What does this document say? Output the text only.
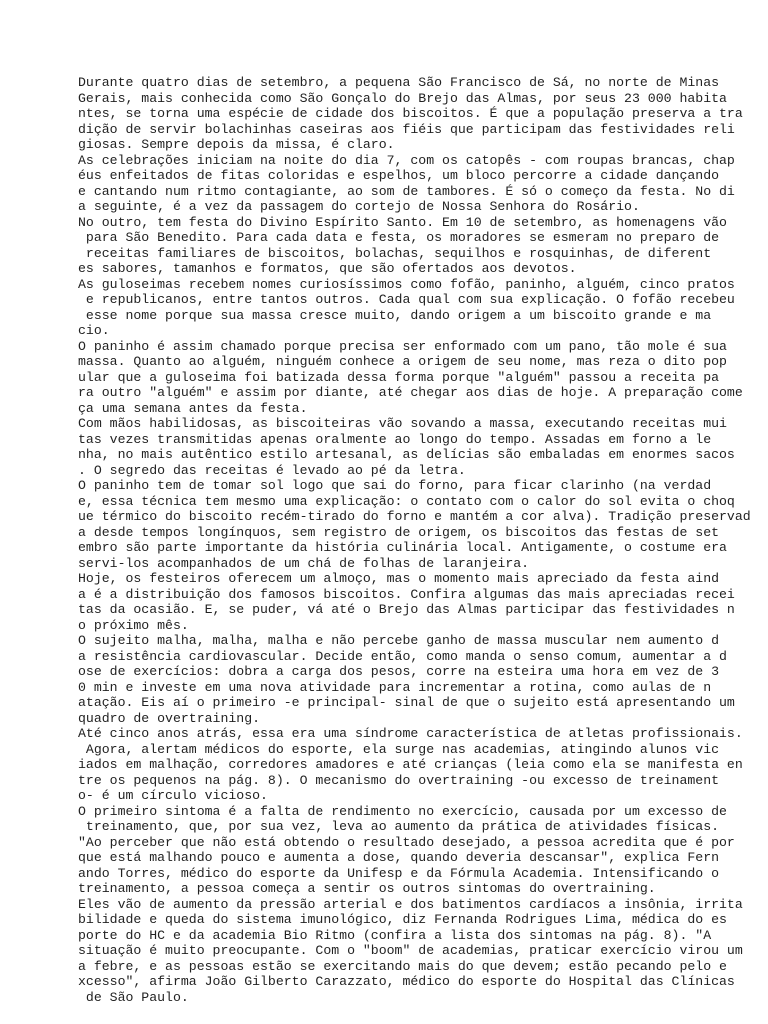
Durante quatro dias de setembro, a pequena São Francisco de Sá, no norte de Minas
Gerais, mais conhecida como São Gonçalo do Brejo das Almas, por seus 23 000 habita
ntes, se torna uma espécie de cidade dos biscoitos. É que a população preserva a tra
dição de servir bolachinhas caseiras aos fiéis que participam das festividades reli
giosas. Sempre depois da missa, é claro.
As celebrações iniciam na noite do dia 7, com os catopês - com roupas brancas, chap
éus enfeitados de fitas coloridas e espelhos, um bloco percorre a cidade dançando
e cantando num ritmo contagiante, ao som de tambores. É só o começo da festa. No di
a seguinte, é a vez da passagem do cortejo de Nossa Senhora do Rosário.
No outro, tem festa do Divino Espírito Santo. Em 10 de setembro, as homenagens vão
para São Benedito. Para cada data e festa, os moradores se esmeram no preparo de
receitas familiares de biscoitos, bolachas, sequilhos e rosquinhas, de diferent
es sabores, tamanhos e formatos, que são ofertados aos devotos.
As guloseimas recebem nomes curiosíssimos como fofão, paninho, alguém, cinco pratos
e republicanos, entre tantos outros. Cada qual com sua explicação. O fofão recebeu
esse nome porque sua massa cresce muito, dando origem a um biscoito grande e ma
cio.
O paninho é assim chamado porque precisa ser enformado com um pano, tão mole é sua
massa. Quanto ao alguém, ninguém conhece a origem de seu nome, mas reza o dito pop
ular que a guloseima foi batizada dessa forma porque "alguém" passou a receita pa
ra outro "alguém" e assim por diante, até chegar aos dias de hoje. A preparação come
ça uma semana antes da festa.
Com mãos habilidosas, as biscoiteiras vão sovando a massa, executando receitas mui
tas vezes transmitidas apenas oralmente ao longo do tempo. Assadas em forno a le
nha, no mais autêntico estilo artesanal, as delícias são embaladas em enormes sacos
. O segredo das receitas é levado ao pé da letra.
O paninho tem de tomar sol logo que sai do forno, para ficar clarinho (na verdad
e, essa técnica tem mesmo uma explicação: o contato com o calor do sol evita o choq
ue térmico do biscoito recém-tirado do forno e mantém a cor alva). Tradição preservad
a desde tempos longínquos, sem registro de origem, os biscoitos das festas de set
embro são parte importante da história culinária local. Antigamente, o costume era
servi-los acompanhados de um chá de folhas de laranjeira.
Hoje, os festeiros oferecem um almoço, mas o momento mais apreciado da festa aind
a é a distribuição dos famosos biscoitos. Confira algumas das mais apreciadas recei
tas da ocasião. E, se puder, vá até o Brejo das Almas participar das festividades n
o próximo mês.
O sujeito malha, malha, malha e não percebe ganho de massa muscular nem aumento d
a resistência cardiovascular. Decide então, como manda o senso comum, aumentar a d
ose de exercícios: dobra a carga dos pesos, corre na esteira uma hora em vez de 3
0 min e investe em uma nova atividade para incrementar a rotina, como aulas de n
atação. Eis aí o primeiro -e principal- sinal de que o sujeito está apresentando um
quadro de overtraining.
Até cinco anos atrás, essa era uma síndrome característica de atletas profissionais.
Agora, alertam médicos do esporte, ela surge nas academias, atingindo alunos vic
iados em malhação, corredores amadores e até crianças (leia como ela se manifesta en
tre os pequenos na pág. 8). O mecanismo do overtraining -ou excesso de treinament
o- é um círculo vicioso.
O primeiro sintoma é a falta de rendimento no exercício, causada por um excesso de
treinamento, que, por sua vez, leva ao aumento da prática de atividades físicas.
"Ao perceber que não está obtendo o resultado desejado, a pessoa acredita que é por
que está malhando pouco e aumenta a dose, quando deveria descansar", explica Fern
ando Torres, médico do esporte da Unifesp e da Fórmula Academia. Intensificando o
treinamento, a pessoa começa a sentir os outros sintomas do overtraining.
Eles vão de aumento da pressão arterial e dos batimentos cardíacos a insônia, irrita
bilidade e queda do sistema imunológico, diz Fernanda Rodrigues Lima, médica do es
porte do HC e da academia Bio Ritmo (confira a lista dos sintomas na pág. 8). "A
situação é muito preocupante. Com o "boom" de academias, praticar exercício virou um
a febre, e as pessoas estão se exercitando mais do que devem; estão pecando pelo e
xcesso", afirma João Gilberto Carazzato, médico do esporte do Hospital das Clínicas
de São Paulo.
